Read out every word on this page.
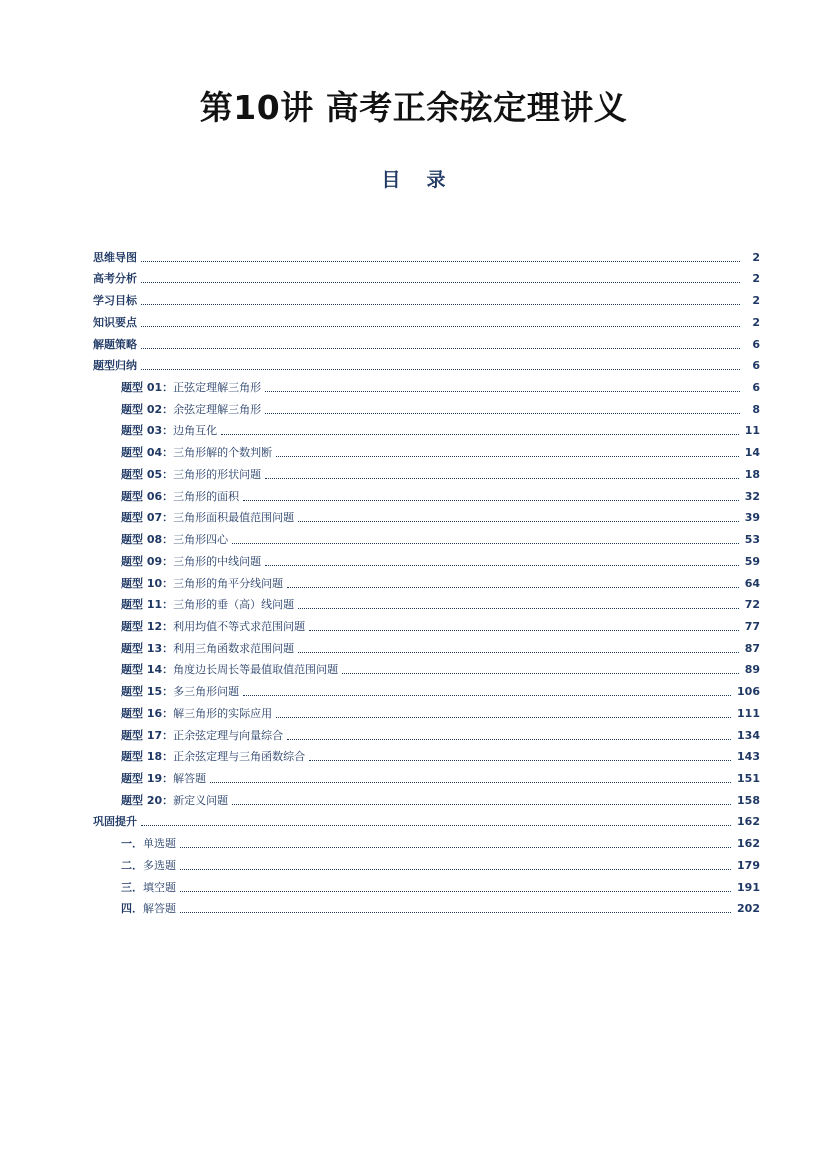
第10讲 高考正余弦定理讲义
目 录
思维导图	2
高考分析	2
学习目标	2
知识要点	2
解题策略	6
题型归纳	6
题型 01 ： 正弦定理解三角形	6
题型 02 ： 余弦定理解三角形	8
题型 03 ： 边角互化	11
题型 04 ： 三角形解的个数判断	14
题型 05 ： 三角形的形状问题	18
题型 06 ： 三角形的面积	32
题型 07 ： 三角形面积最值范围问题	39
题型 08 ： 三角形四心	53
题型 09 ： 三角形的中线问题	59
题型 10 ： 三角形的角平分线问题	64
题型 11 ： 三角形的垂（高）线问题	72
题型 12 ： 利用均值不等式求范围问题	77
题型 13 ： 利用三角函数求范围问题	87
题型 14 ： 角度边长周长等最值取值范围问题	89
题型 15 ： 多三角形问题	106
题型 16 ： 解三角形的实际应用	111
题型 17 ： 正余弦定理与向量综合	134
题型 18 ： 正余弦定理与三角函数综合	143
题型 19 ： 解答题	151
题型 20 ： 新定义问题	158
巩固提升	162
一． 单选题	162
二． 多选题	179
三． 填空题	191
四． 解答题	202
